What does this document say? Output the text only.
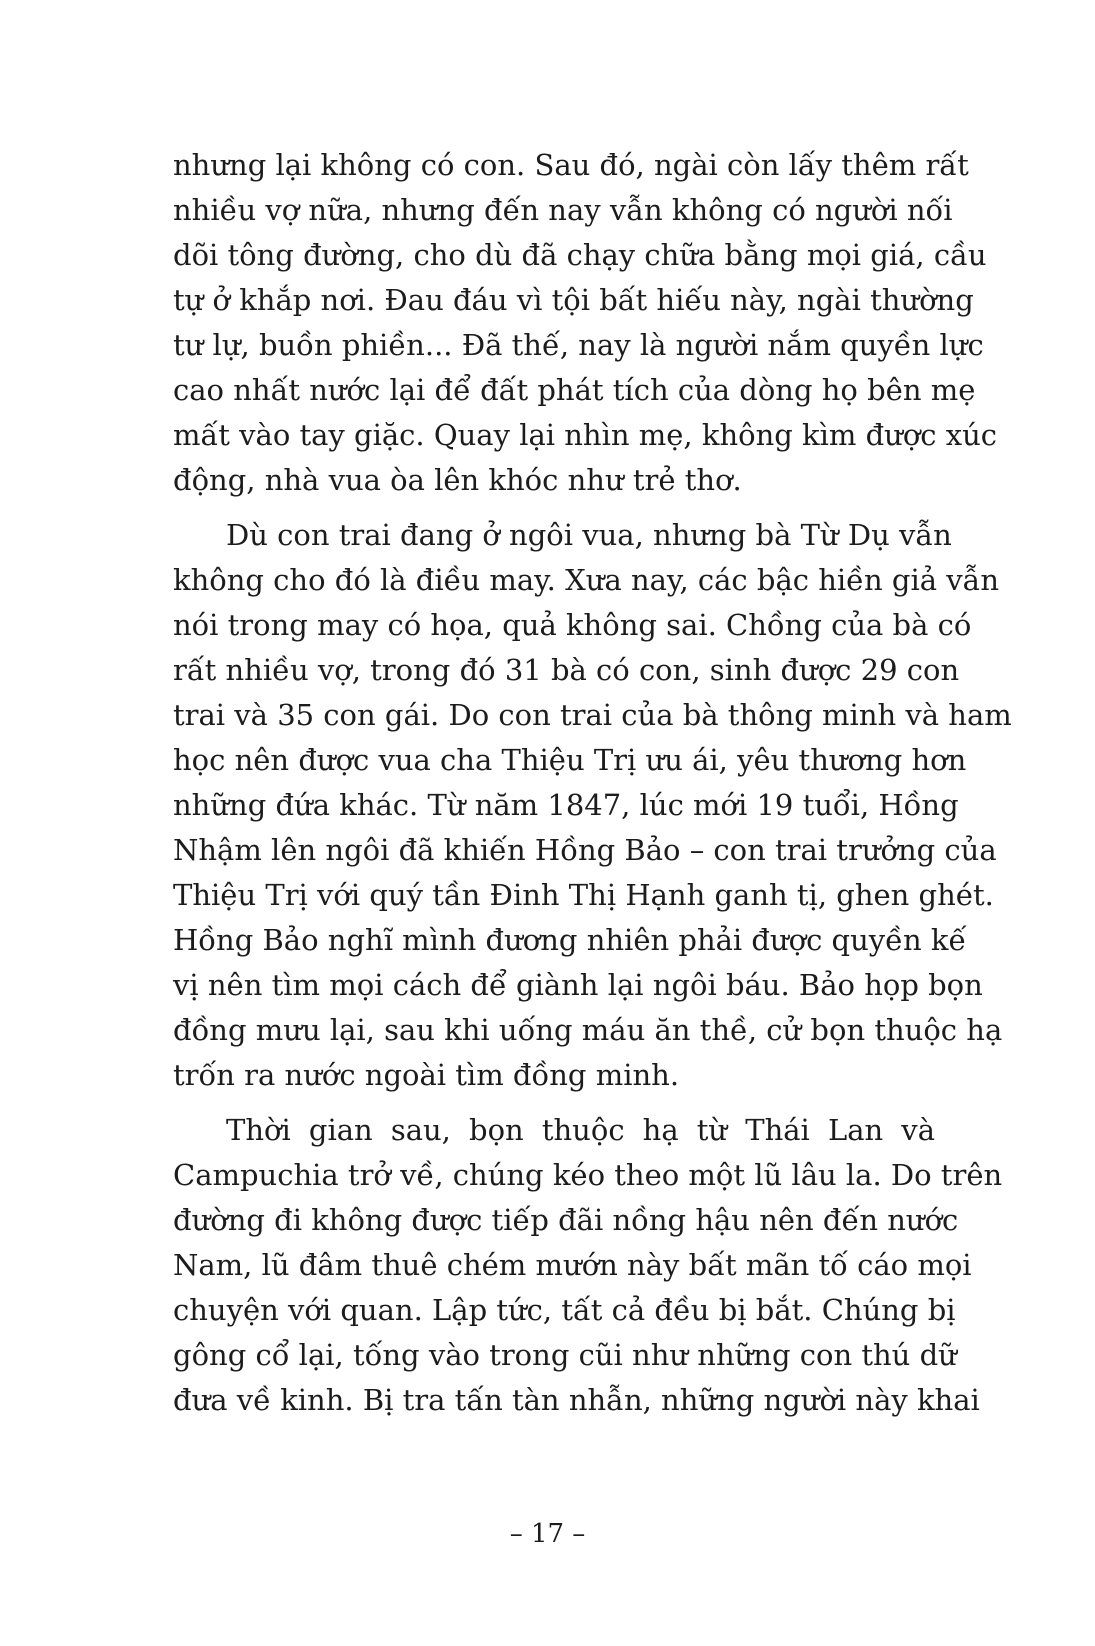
nhưng lại không có con. Sau đó, ngài còn lấy thêm rất
nhiều vợ nữa, nhưng đến nay vẫn không có người nối
dõi tông đường, cho dù đã chạy chữa bằng mọi giá, cầu
tự ở khắp nơi. Đau đáu vì tội bất hiếu này, ngài thường
tư lự, buồn phiền... Đã thế, nay là người nắm quyền lực
cao nhất nước lại để đất phát tích của dòng họ bên mẹ
mất vào tay giặc. Quay lại nhìn mẹ, không kìm được xúc
động, nhà vua òa lên khóc như trẻ thơ.
Dù con trai đang ở ngôi vua, nhưng bà Từ Dụ vẫn
không cho đó là điều may. Xưa nay, các bậc hiền giả vẫn
nói trong may có họa, quả không sai. Chồng của bà có
rất nhiều vợ, trong đó 31 bà có con, sinh được 29 con
trai và 35 con gái. Do con trai của bà thông minh và ham
học nên được vua cha Thiệu Trị ưu ái, yêu thương hơn
những đứa khác. Từ năm 1847, lúc mới 19 tuổi, Hồng
Nhậm lên ngôi đã khiến Hồng Bảo – con trai trưởng của
Thiệu Trị với quý tần Đinh Thị Hạnh ganh tị, ghen ghét.
Hồng Bảo nghĩ mình đương nhiên phải được quyền kế
vị nên tìm mọi cách để giành lại ngôi báu. Bảo họp bọn
đồng mưu lại, sau khi uống máu ăn thề, cử bọn thuộc hạ
trốn ra nước ngoài tìm đồng minh.
Thời gian sau, bọn thuộc hạ từ Thái Lan và
Campuchia trở về, chúng kéo theo một lũ lâu la. Do trên
đường đi không được tiếp đãi nồng hậu nên đến nước
Nam, lũ đâm thuê chém mướn này bất mãn tố cáo mọi
chuyện với quan. Lập tức, tất cả đều bị bắt. Chúng bị
gông cổ lại, tống vào trong cũi như những con thú dữ
đưa về kinh. Bị tra tấn tàn nhẫn, những người này khai
– 17 –
